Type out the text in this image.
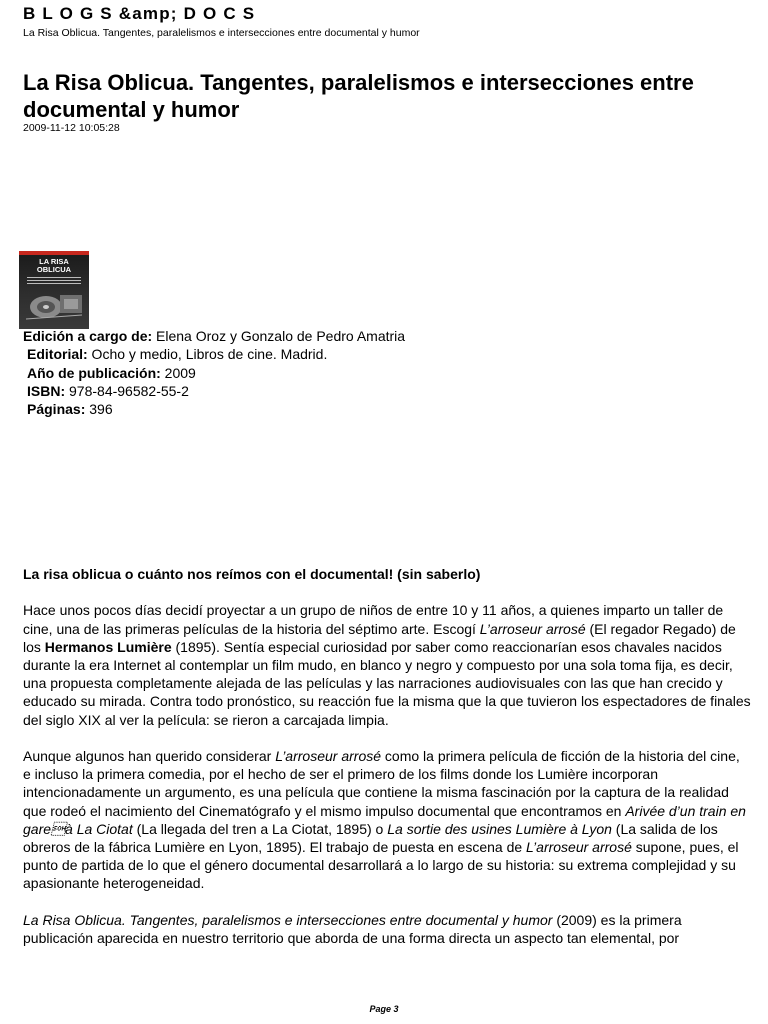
B L O G S &amp; D O C S
La Risa Oblicua. Tangentes, paralelismos e intersecciones entre documental y humor
La Risa Oblicua. Tangentes, paralelismos e intersecciones entre documental y humor
2009-11-12 10:05:28
LA RISA
OBLICUA
Edición a cargo de: Elena Oroz y Gonzalo de Pedro Amatria
Editorial: Ocho y medio, Libros de cine. Madrid.
Año de publicación: 2009
ISBN: 978-84-96582-55-2
Páginas: 396

La risa oblicua o cuánto nos reímos con el documental! (sin saberlo)

Hace unos pocos días decidí proyectar a un grupo de niños de entre 10 y 11 años, a quienes imparto un taller de cine, una de las primeras películas de la historia del séptimo arte. Escogí L’arroseur arrosé (El regador Regado) de los Hermanos Lumière (1895). Sentía especial curiosidad por saber como reaccionarían esos chavales nacidos durante la era Internet al contemplar un film mudo, en blanco y negro y compuesto por una sola toma fija, es decir, una propuesta completamente alejada de las películas y las narraciones audiovisuales con las que han crecido y educado su mirada. Contra todo pronóstico, su reacción fue la misma que la que tuvieron los espectadores de finales del siglo XIX al ver la película: se rieron a carcajada limpia.

Aunque algunos han querido considerar L’arroseur arrosé como la primera película de ficción de la historia del cine, e incluso la primera comedia, por el hecho de ser el primero de los films donde los Lumière incorporan intencionadamente un argumento, es una película que contiene la misma fascinación por la captura de la realidad que rodeó el nacimiento del Cinematógrafo y el mismo impulso documental que encontramos en Arivée d’un train en gareà La Ciotat (La llegada del tren a La Ciotat, 1895) o La sortie des usines Lumière à Lyon (La salida de los obreros de la fábrica Lumière en Lyon, 1895). El trabajo de puesta en escena de L’arroseur arrosé supone, pues, el punto de partida de lo que el género documental desarrollará a lo largo de su historia: su extrema complejidad y su apasionante heterogeneidad.

La Risa Oblicua. Tangentes, paralelismos e intersecciones entre documental y humor (2009) es la primera publicación aparecida en nuestro territorio que aborda de una forma directa un aspecto tan elemental, por

Page 3
